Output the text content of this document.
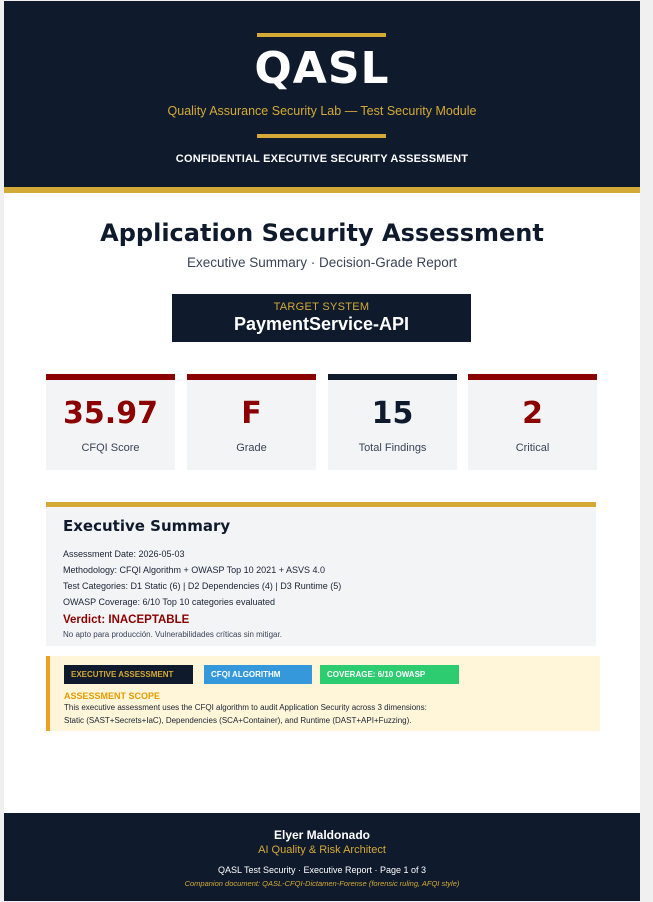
QASL
Quality Assurance Security Lab — Test Security Module
CONFIDENTIAL EXECUTIVE SECURITY ASSESSMENT
Application Security Assessment
Executive Summary · Decision-Grade Report
TARGET SYSTEM
PaymentService-API
35.97
CFQI Score
F
Grade
15
Total Findings
2
Critical
Executive Summary
Assessment Date: 2026-05-03
Methodology: CFQI Algorithm + OWASP Top 10 2021 + ASVS 4.0
Test Categories: D1 Static (6) | D2 Dependencies (4) | D3 Runtime (5)
OWASP Coverage: 6/10 Top 10 categories evaluated
Verdict: INACEPTABLE
No apto para producción. Vulnerabilidades críticas sin mitigar.
EXECUTIVE ASSESSMENT	CFQI ALGORITHM	COVERAGE: 6/10 OWASP
ASSESSMENT SCOPE
This executive assessment uses the CFQI algorithm to audit Application Security across 3 dimensions:
Static (SAST+Secrets+IaC), Dependencies (SCA+Container), and Runtime (DAST+API+Fuzzing).
Elyer Maldonado
AI Quality & Risk Architect
QASL Test Security · Executive Report · Page 1 of 3
Companion document: QASL-CFQI-Dictamen-Forense (forensic ruling, AFQI style)
